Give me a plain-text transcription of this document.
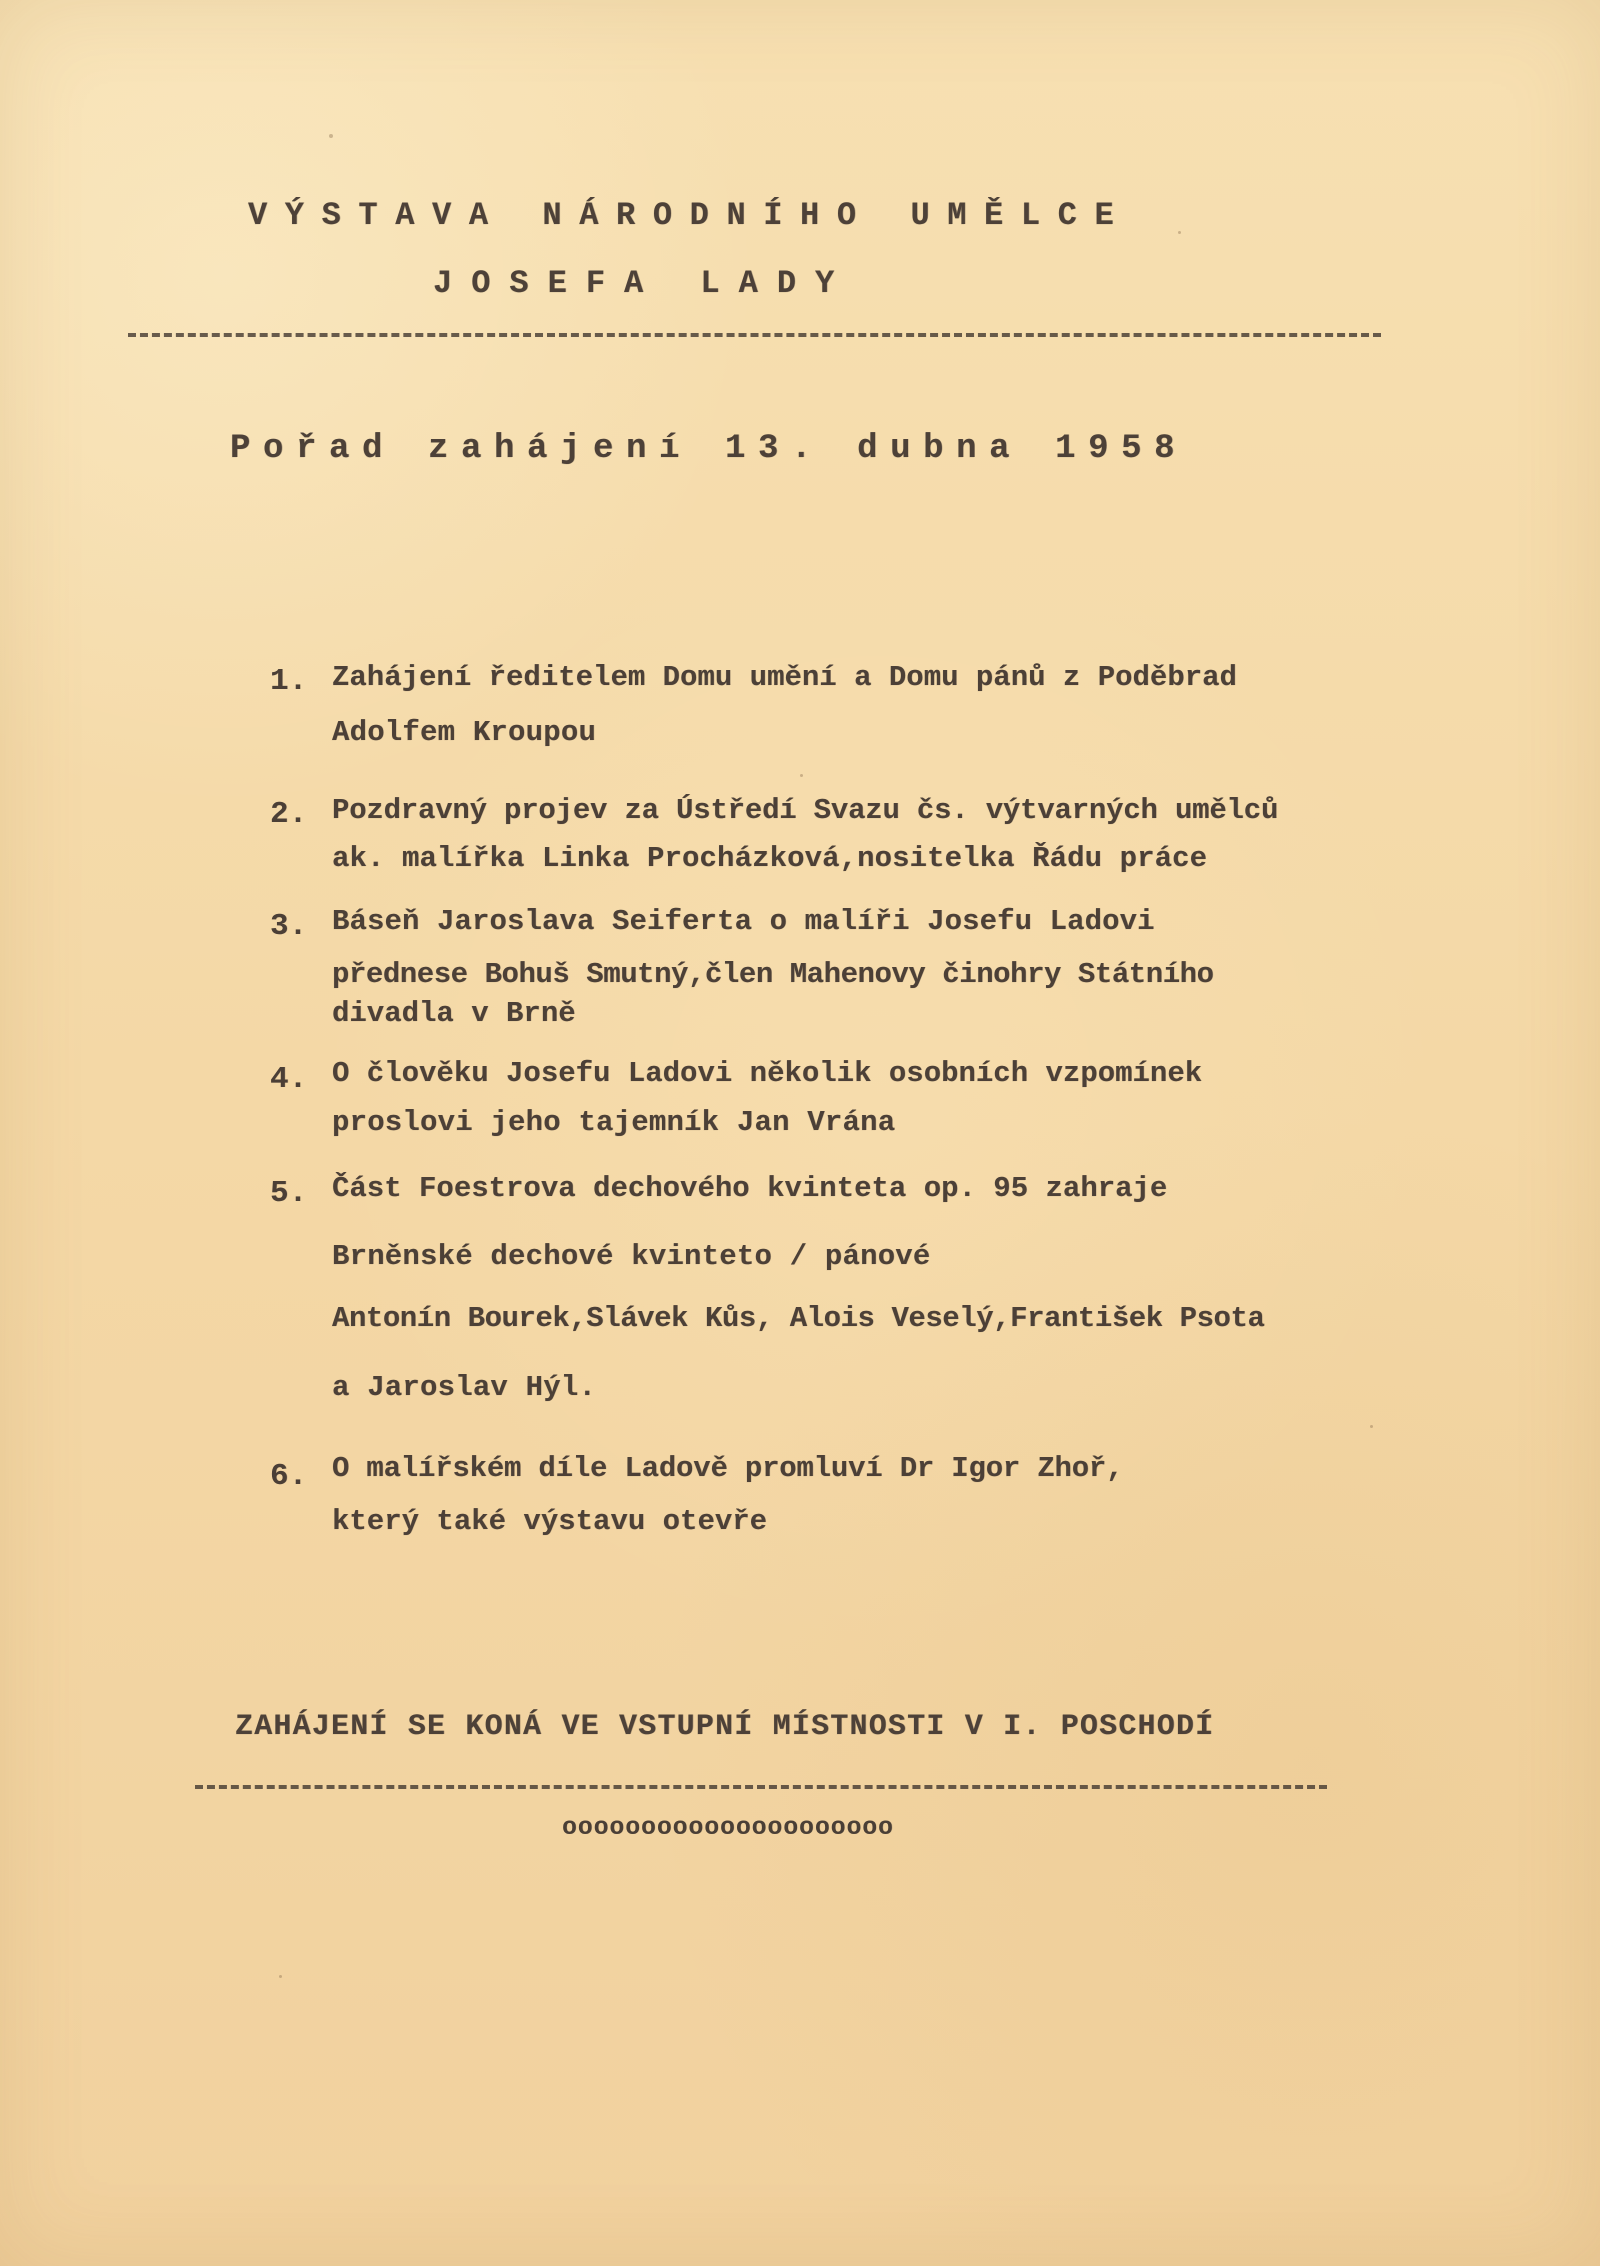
VÝSTAVA NÁRODNÍHO UMĚLCE

JOSEFA LADY

Pořad zahájení 13. dubna 1958

1. Zahájení ředitelem Domu umění a Domu pánů z Poděbrad

Adolfem Kroupou

2. Pozdravný projev za Ústředí Svazu čs. výtvarných umělců

ak. malířka Linka Procházková,nositelka Řádu práce

3. Báseň Jaroslava Seiferta o malíři Josefu Ladovi

přednese Bohuš Smutný,člen Mahenovy činohry Státního

divadla v Brně

4. O člověku Josefu Ladovi několik osobních vzpomínek

proslovi jeho tajemník Jan Vrána

5. Část Foestrova dechového kvinteta op. 95 zahraje

Brněnské dechové kvinteto / pánové

Antonín Bourek,Slávek Kůs, Alois Veselý,František Psota

a Jaroslav Hýl.

6. O malířském díle Ladově promluví Dr Igor Zhoř,

který také výstavu otevře

ZAHÁJENÍ SE KONÁ VE VSTUPNÍ MÍSTNOSTI V I. POSCHODÍ

ooooooooooooooooooooo
